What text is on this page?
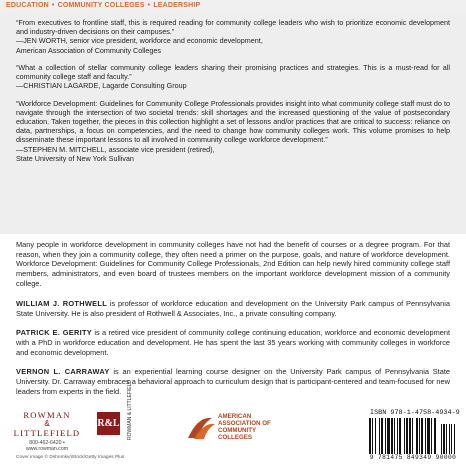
EDUCATION • COMMUNITY COLLEGES • LEADERSHIP

“From executives to frontline staff, this is required reading for community college leaders who wish to prioritize economic development and industry-driven decisions on their campuses.”

—JEN WORTH, senior vice president, workforce and economic development,

American Association of Community Colleges

“What a collection of stellar community college leaders sharing their promising practices and strategies. This is a must-read for all community college staff and faculty.”

—CHRISTIAN LAGARDE, Lagarde Consulting Group

“Workforce Development: Guidelines for Community College Professionals provides insight into what community college staff must do to navigate through the intersection of two societal trends: skill shortages and the increased questioning of the value of postsecondary education. Taken together, the pieces in this collection highlight a set of lessons and/or practices that are critical to success: reliance on data, partnerships, a focus on competencies, and the need to change how community colleges work. This volume promises to help disseminate these important lessons to all involved in community college workforce development.”

—STEPHEN M. MITCHELL, associate vice president (retired),

State University of New York Sullivan

Many people in workforce development in community colleges have not had the benefit of courses or a degree program. For that reason, when they join a community college, they often need a primer on the purpose, goals, and nature of workforce development. Workforce Development: Guidelines for Community College Professionals, 2nd Edition can help newly hired community college staff members, administrators, and even board of trustees members on the important workforce development mission of a community college.

WILLIAM J. ROTHWELL is professor of workforce education and development on the University Park campus of Pennsylvania State University. He is also president of Rothwell & Associates, Inc., a private consulting company.

PATRICK E. GERITY is a retired vice president of community college continuing education, workforce and economic development with a PhD in workforce education and development. He has spent the last 35 years working with community colleges in workforce and economic development.

VERNON L. CARRAWAY is an experiential learning course designer on the University Park campus of Pennsylvania State University. Dr. Carraway embraces a behavioral approach to curriculum design that is participant-centered and team-focused for new leaders from experts in the field.

ROWMAN
&
LITTLEFIELD
800-462-6420 • www.rowman.com
R&L ROWMAN & LITTLEFIELD	AMERICAN
ASSOCIATION OF
COMMUNITY
COLLEGES
Cover image © Dshnmkv/iStock/Getty Images Plus
ISBN 978-1-4758-4934-9
9 781475 849349 90000
